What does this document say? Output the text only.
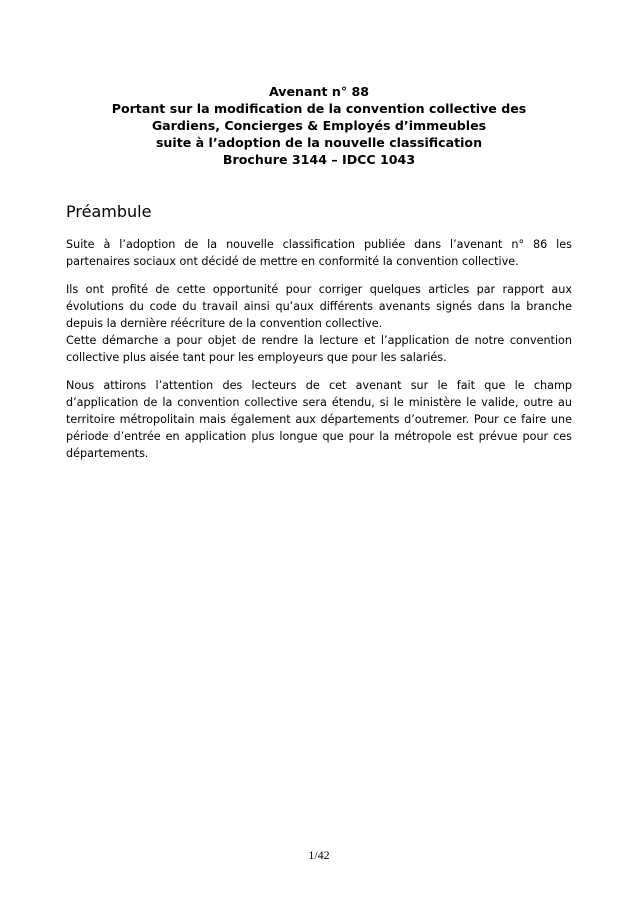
Avenant n° 88
Portant sur la modification de la convention collective des
Gardiens, Concierges & Employés d’immeubles
suite à l’adoption de la nouvelle classification
Brochure 3144 – IDCC 1043
Préambule

Suite à l’adoption de la nouvelle classification publiée dans l’avenant n° 86 les partenaires sociaux ont décidé de mettre en conformité la convention collective.

Ils ont profité de cette opportunité pour corriger quelques articles par rapport aux évolutions du code du travail ainsi qu’aux différents avenants signés dans la branche depuis la dernière réécriture de la convention collective.

Cette démarche a pour objet de rendre la lecture et l’application de notre convention collective plus aisée tant pour les employeurs que pour les salariés.

Nous attirons l’attention des lecteurs de cet avenant sur le fait que le champ d’application de la convention collective sera étendu, si le ministère le valide, outre au territoire métropolitain mais également aux départements d’outremer. Pour ce faire une période d’entrée en application plus longue que pour la métropole est prévue pour ces départements.

1/42
